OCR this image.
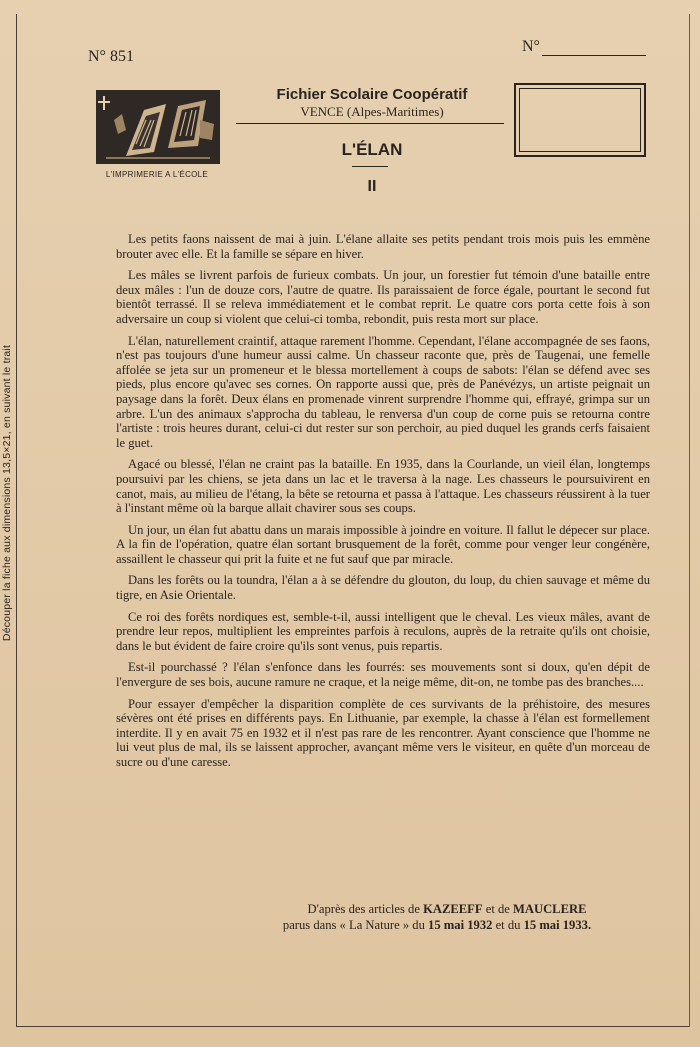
Découper la fiche aux dimensions 13,5×21, en suivant le trait
N° 851
N°
L'IMPRIMERIE A L'ÉCOLE
Fichier Scolaire Coopératif
VENCE (Alpes-Maritimes)
L'ÉLAN
II

Les petits faons naissent de mai à juin. L'élane allaite ses petits pendant trois mois puis les emmène brouter avec elle. Et la famille se sépare en hiver.

Les mâles se livrent parfois de furieux combats. Un jour, un forestier fut témoin d'une bataille entre deux mâles : l'un de douze cors, l'autre de quatre. Ils paraissaient de force égale, pourtant le second fut bientôt terrassé. Il se releva immédiatement et le combat reprit. Le quatre cors porta cette fois à son adversaire un coup si violent que celui-ci tomba, rebondit, puis resta mort sur place.

L'élan, naturellement craintif, attaque rarement l'homme. Cependant, l'élane accompagnée de ses faons, n'est pas toujours d'une humeur aussi calme. Un chasseur raconte que, près de Taugenai, une femelle affolée se jeta sur un promeneur et le blessa mortellement à coups de sabots: l'élan se défend avec ses pieds, plus encore qu'avec ses cornes. On rapporte aussi que, près de Panévézys, un artiste peignait un paysage dans la forêt. Deux élans en promenade vinrent surprendre l'homme qui, effrayé, grimpa sur un arbre. L'un des animaux s'approcha du tableau, le renversa d'un coup de corne puis se retourna contre l'artiste : trois heures durant, celui-ci dut rester sur son perchoir, au pied duquel les grands cerfs faisaient le guet.

Agacé ou blessé, l'élan ne craint pas la bataille. En 1935, dans la Courlande, un vieil élan, longtemps poursuivi par les chiens, se jeta dans un lac et le traversa à la nage. Les chasseurs le poursuivirent en canot, mais, au milieu de l'étang, la bête se retourna et passa à l'attaque. Les chasseurs réussirent à la tuer à l'instant même où la barque allait chavirer sous ses coups.

Un jour, un élan fut abattu dans un marais impossible à joindre en voiture. Il fallut le dépecer sur place. A la fin de l'opération, quatre élan sortant brusquement de la forêt, comme pour venger leur congénère, assaillent le chasseur qui prit la fuite et ne fut sauf que par miracle.

Dans les forêts ou la toundra, l'élan a à se défendre du glouton, du loup, du chien sauvage et même du tigre, en Asie Orientale.

Ce roi des forêts nordiques est, semble-t-il, aussi intelligent que le cheval. Les vieux mâles, avant de prendre leur repos, multiplient les empreintes parfois à reculons, auprès de la retraite qu'ils ont choisie, dans le but évident de faire croire qu'ils sont venus, puis repartis.

Est-il pourchassé ? l'élan s'enfonce dans les fourrés: ses mouvements sont si doux, qu'en dépit de l'envergure de ses bois, aucune ramure ne craque, et la neige même, dit-on, ne tombe pas des branches....

Pour essayer d'empêcher la disparition complète de ces survivants de la préhistoire, des mesures sévères ont été prises en différents pays. En Lithuanie, par exemple, la chasse à l'élan est formellement interdite. Il y en avait 75 en 1932 et il n'est pas rare de les rencontrer. Ayant conscience que l'homme ne lui veut plus de mal, ils se laissent approcher, avançant même vers le visiteur, en quête d'un morceau de sucre ou d'une caresse.

D'après des articles de KAZEEFF et de MAUCLERE
parus dans « La Nature » du 15 mai 1932 et du 15 mai 1933.
